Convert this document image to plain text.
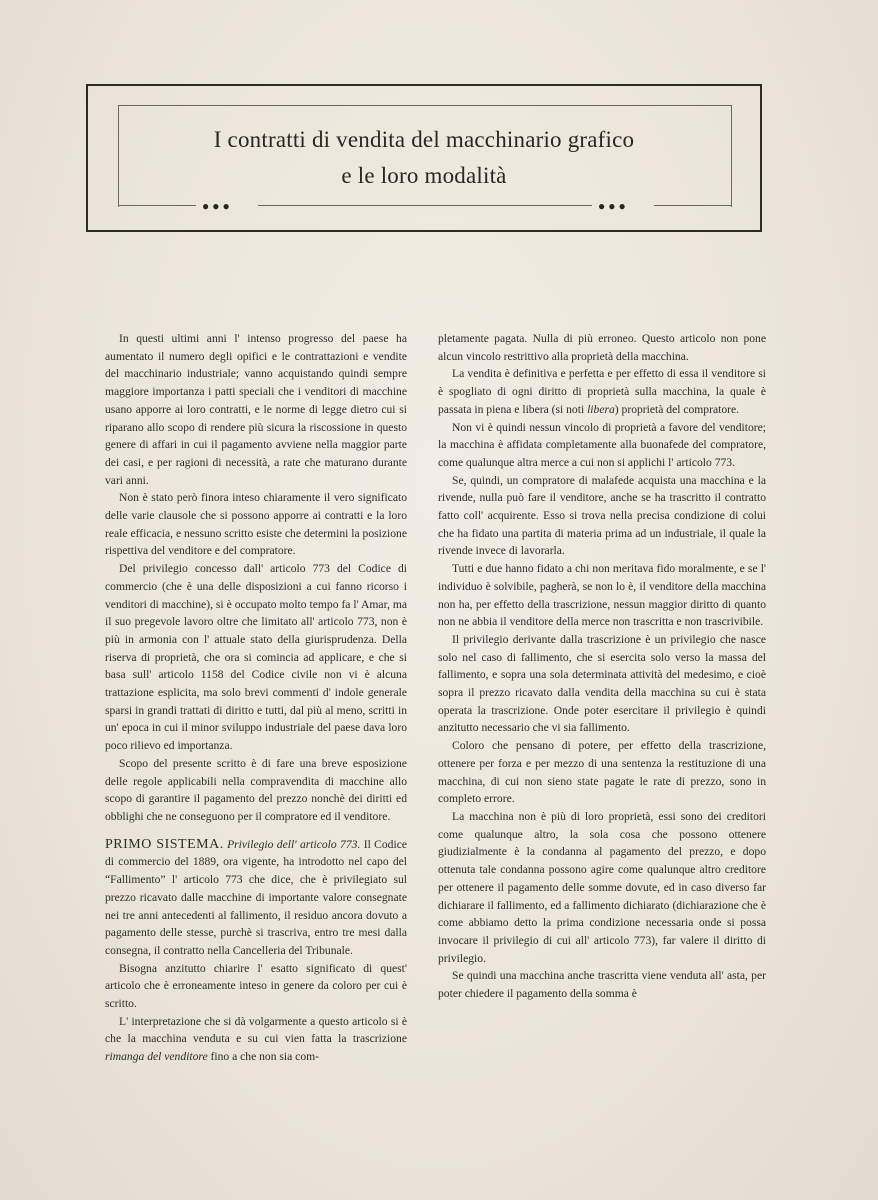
I contratti di vendita del macchinario grafico
e le loro modalità
●●●	●●●

In questi ultimi anni l' intenso progresso del paese ha aumentato il numero degli opifici e le contrattazioni e vendite del macchinario industriale; vanno acquistando quindi sempre maggiore importanza i patti speciali che i venditori di macchine usano apporre ai loro contratti, e le norme di legge dietro cui si riparano allo scopo di rendere più sicura la riscossione in questo genere di affari in cui il pagamento avviene nella maggior parte dei casi, e per ragioni di necessità, a rate che maturano durante vari anni.

Non è stato però finora inteso chiaramente il vero significato delle varie clausole che si possono apporre ai contratti e la loro reale efficacia, e nessuno scritto esiste che determini la posizione rispettiva del venditore e del compratore.

Del privilegio concesso dall' articolo 773 del Codice di commercio (che è una delle disposizioni a cui fanno ricorso i venditori di macchine), si è occupato molto tempo fa l' Amar, ma il suo pregevole lavoro oltre che limitato all' articolo 773, non è più in armonia con l' attuale stato della giurisprudenza. Della riserva di proprietà, che ora si comincia ad applicare, e che si basa sull' articolo 1158 del Codice civile non vi è alcuna trattazione esplicita, ma solo brevi commenti d' indole generale sparsi in grandi trattati di diritto e tutti, dal più al meno, scritti in un' epoca in cui il minor sviluppo industriale del paese dava loro poco rilievo ed importanza.

Scopo del presente scritto è di fare una breve esposizione delle regole applicabili nella compravendita di macchine allo scopo di garantire il pagamento del prezzo nonchè dei diritti ed obblighi che ne conseguono per il compratore ed il venditore.

PRIMO SISTEMA. Privilegio dell' articolo 773. Il Codice di commercio del 1889, ora vigente, ha introdotto nel capo del “Fallimento” l' articolo 773 che dice, che è privilegiato sul prezzo ricavato dalle macchine di importante valore consegnate nei tre anni antecedenti al fallimento, il residuo ancora dovuto a pagamento delle stesse, purchè si trascriva, entro tre mesi dalla consegna, il contratto nella Cancelleria del Tribunale.

Bisogna anzitutto chiarire l' esatto significato di quest' articolo che è erroneamente inteso in genere da coloro per cui è scritto.

L' interpretazione che si dà volgarmente a questo articolo si è che la macchina venduta e su cui vien fatta la trascrizione rimanga del venditore fino a che non sia com-

pletamente pagata. Nulla di più erroneo. Questo articolo non pone alcun vincolo restrittivo alla proprietà della macchina.

La vendita è definitiva e perfetta e per effetto di essa il venditore si è spogliato di ogni diritto di proprietà sulla macchina, la quale è passata in piena e libera (si noti libera) proprietà del compratore.

Non vi è quindi nessun vincolo di proprietà a favore del venditore; la macchina è affidata completamente alla buonafede del compratore, come qualunque altra merce a cui non si applichi l' articolo 773.

Se, quindi, un compratore di malafede acquista una macchina e la rivende, nulla può fare il venditore, anche se ha trascritto il contratto fatto coll' acquirente. Esso si trova nella precisa condizione di colui che ha fidato una partita di materia prima ad un industriale, il quale la rivende invece di lavorarla.

Tutti e due hanno fidato a chi non meritava fido moralmente, e se l' individuo è solvibile, pagherà, se non lo è, il venditore della macchina non ha, per effetto della trascrizione, nessun maggior diritto di quanto non ne abbia il venditore della merce non trascritta e non trascrivibile.

Il privilegio derivante dalla trascrizione è un privilegio che nasce solo nel caso di fallimento, che si esercita solo verso la massa del fallimento, e sopra una sola determinata attività del medesimo, e cioè sopra il prezzo ricavato dalla vendita della macchina su cui è stata operata la trascrizione. Onde poter esercitare il privilegio è quindi anzitutto necessario che vi sia fallimento.

Coloro che pensano di potere, per effetto della trascrizione, ottenere per forza e per mezzo di una sentenza la restituzione di una macchina, di cui non sieno state pagate le rate di prezzo, sono in completo errore.

La macchina non è più di loro proprietà, essi sono dei creditori come qualunque altro, la sola cosa che possono ottenere giudizialmente è la condanna al pagamento del prezzo, e dopo ottenuta tale condanna possono agire come qualunque altro creditore per ottenere il pagamento delle somme dovute, ed in caso diverso far dichiarare il fallimento, ed a fallimento dichiarato (dichiarazione che è come abbiamo detto la prima condizione necessaria onde si possa invocare il privilegio di cui all' articolo 773), far valere il diritto di privilegio.

Se quindi una macchina anche trascritta viene venduta all' asta, per poter chiedere il pagamento della somma è
